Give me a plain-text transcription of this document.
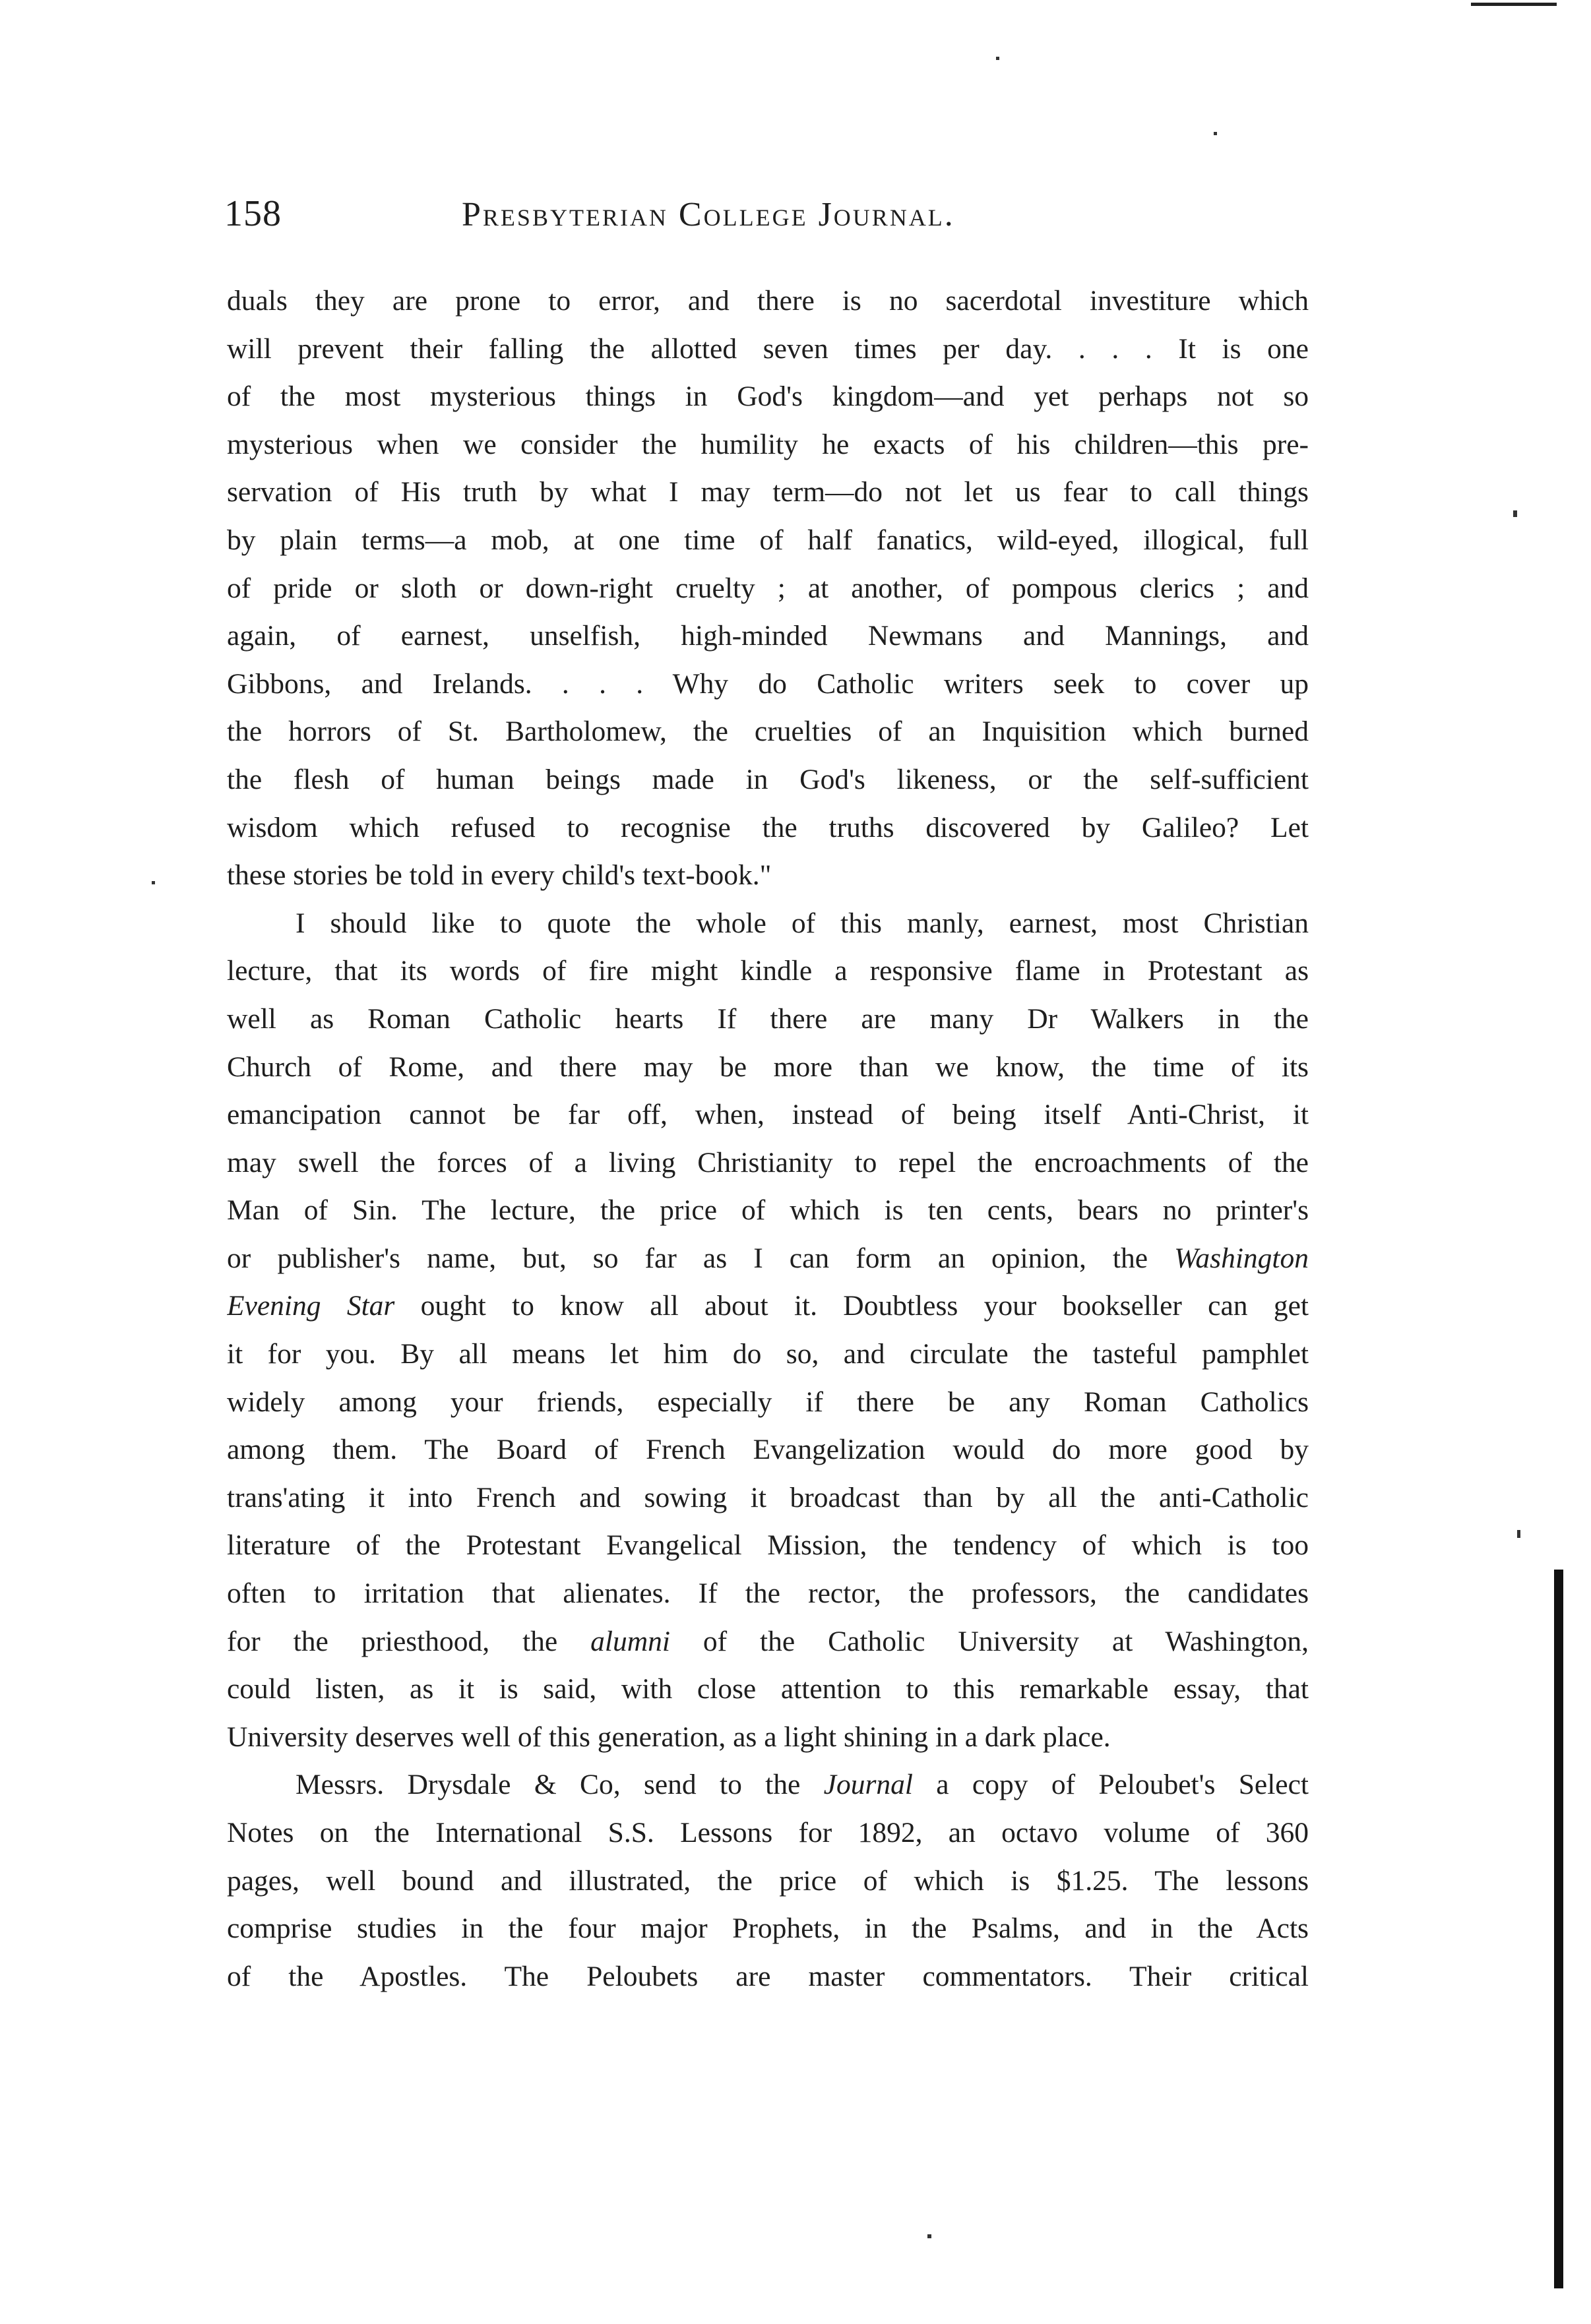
158	Presbyterian College Journal.

duals they are prone to error, and there is no sacerdotal investiture which
will prevent their falling the allotted seven times per day. . . . It is one
of the most mysterious things in God's kingdom—and yet perhaps not so
mysterious when we consider the humility he exacts of his children—this pre-
servation of His truth by what I may term—do not let us fear to call things
by plain terms—a mob, at one time of half fanatics, wild-eyed, illogical, full
of pride or sloth or down-right cruelty ; at another, of pompous clerics ; and
again, of earnest, unselfish, high-minded Newmans and Mannings, and
Gibbons, and Irelands. . . . Why do Catholic writers seek to cover up
the horrors of St. Bartholomew, the cruelties of an Inquisition which burned
the flesh of human beings made in God's likeness, or the self-sufficient
wisdom which refused to recognise the truths discovered by Galileo? Let
these stories be told in every child's text-book."

I should like to quote the whole of this manly, earnest, most Christian
lecture, that its words of fire might kindle a responsive flame in Protestant as
well as Roman Catholic hearts If there are many Dr Walkers in the
Church of Rome, and there may be more than we know, the time of its
emancipation cannot be far off, when, instead of being itself Anti-Christ, it
may swell the forces of a living Christianity to repel the encroachments of the
Man of Sin. The lecture, the price of which is ten cents, bears no printer's
or publisher's name, but, so far as I can form an opinion, the Washington
Evening Star ought to know all about it. Doubtless your bookseller can get
it for you. By all means let him do so, and circulate the tasteful pamphlet
widely among your friends, especially if there be any Roman Catholics
among them. The Board of French Evangelization would do more good by
trans'ating it into French and sowing it broadcast than by all the anti-Catholic
literature of the Protestant Evangelical Mission, the tendency of which is too
often to irritation that alienates. If the rector, the professors, the candidates
for the priesthood, the alumni of the Catholic University at Washington,
could listen, as it is said, with close attention to this remarkable essay, that
University deserves well of this generation, as a light shining in a dark place.

Messrs. Drysdale & Co, send to the Journal a copy of Peloubet's Select
Notes on the International S.S. Lessons for 1892, an octavo volume of 360
pages, well bound and illustrated, the price of which is $1.25. The lessons
comprise studies in the four major Prophets, in the Psalms, and in the Acts
of the Apostles. The Peloubets are master commentators. Their critical
